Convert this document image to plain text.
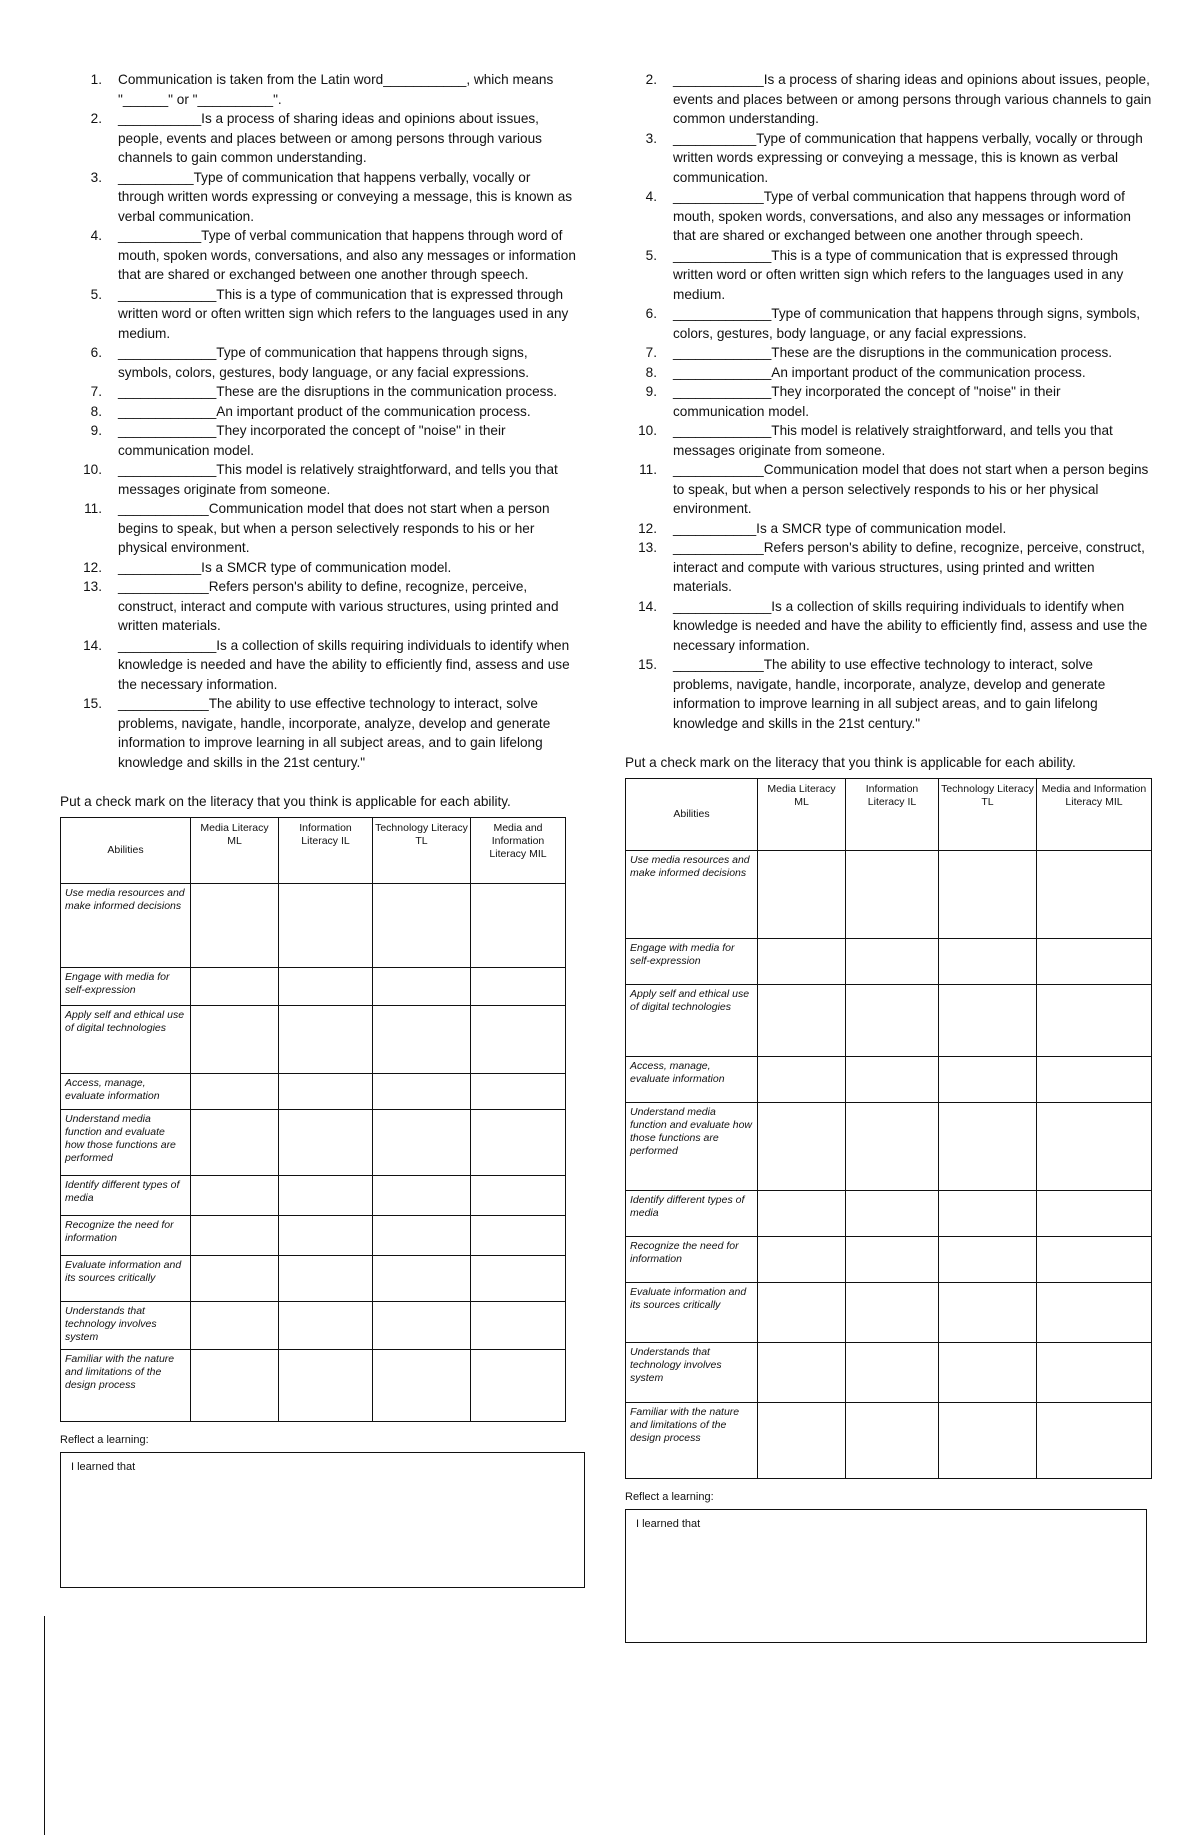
1.	Communication is taken from the Latin word___________, which means "______" or "__________".
2.	___________Is a process of sharing ideas and opinions about issues, people, events and places between or among persons through various channels to gain common understanding.
3.	__________Type of communication that happens verbally, vocally or through written words expressing or conveying a message, this is known as verbal communication.
4.	___________Type of verbal communication that happens through word of mouth, spoken words, conversations, and also any messages or information that are shared or exchanged between one another through speech.
5.	_____________This is a type of communication that is expressed through written word or often written sign which refers to the languages used in any medium.
6.	_____________Type of communication that happens through signs, symbols, colors, gestures, body language, or any facial expressions.
7.	_____________These are the disruptions in the communication process.
8.	_____________An important product of the communication process.
9.	_____________They incorporated the concept of "noise" in their communication model.
10.	_____________This model is relatively straightforward, and tells you that messages originate from someone.
11.	____________Communication model that does not start when a person begins to speak, but when a person selectively responds to his or her physical environment.
12.	___________Is a SMCR type of communication model.
13.	____________Refers person's ability to define, recognize, perceive, construct, interact and compute with various structures, using printed and written materials.
14.	_____________Is a collection of skills requiring individuals to identify when knowledge is needed and have the ability to efficiently find, assess and use the necessary information.
15.	____________The ability to use effective technology to interact, solve problems, navigate, handle, incorporate, analyze, develop and generate information to improve learning in all subject areas, and to gain lifelong knowledge and skills in the 21st century."
Put a check mark on the literacy that you think is applicable for each ability.
Abilities	Media Literacy ML	Information Literacy IL	Technology Literacy TL	Media and Information Literacy MIL
Use media resources and make informed decisions				
Engage with media for self-expression				
Apply self and ethical use of digital technologies				
Access, manage, evaluate information				
Understand media function and evaluate how those functions are performed				
Identify different types of media				
Recognize the need for information				
Evaluate information and its sources critically				
Understands that technology involves system				
Familiar with the nature and limitations of the design process				
Reflect a learning:
I learned that
2.	____________Is a process of sharing ideas and opinions about issues, people, events and places between or among persons through various channels to gain common understanding.
3.	___________Type of communication that happens verbally, vocally or through written words expressing or conveying a message, this is known as verbal communication.
4.	____________Type of verbal communication that happens through word of mouth, spoken words, conversations, and also any messages or information that are shared or exchanged between one another through speech.
5.	_____________This is a type of communication that is expressed through written word or often written sign which refers to the languages used in any medium.
6.	_____________Type of communication that happens through signs, symbols, colors, gestures, body language, or any facial expressions.
7.	_____________These are the disruptions in the communication process.
8.	_____________An important product of the communication process.
9.	_____________They incorporated the concept of "noise" in their communication model.
10.	_____________This model is relatively straightforward, and tells you that messages originate from someone.
11.	____________Communication model that does not start when a person begins to speak, but when a person selectively responds to his or her physical environment.
12.	___________Is a SMCR type of communication model.
13.	____________Refers person's ability to define, recognize, perceive, construct, interact and compute with various structures, using printed and written materials.
14.	_____________Is a collection of skills requiring individuals to identify when knowledge is needed and have the ability to efficiently find, assess and use the necessary information.
15.	____________The ability to use effective technology to interact, solve problems, navigate, handle, incorporate, analyze, develop and generate information to improve learning in all subject areas, and to gain lifelong knowledge and skills in the 21st century."
Put a check mark on the literacy that you think is applicable for each ability.
Abilities	Media Literacy ML	Information Literacy IL	Technology Literacy TL	Media and Information Literacy MIL
Use media resources and make informed decisions				
Engage with media for self-expression				
Apply self and ethical use of digital technologies				
Access, manage, evaluate information				
Understand media function and evaluate how those functions are performed				
Identify different types of media				
Recognize the need for information				
Evaluate information and its sources critically				
Understands that technology involves system				
Familiar with the nature and limitations of the design process				
Reflect a learning:
I learned that
